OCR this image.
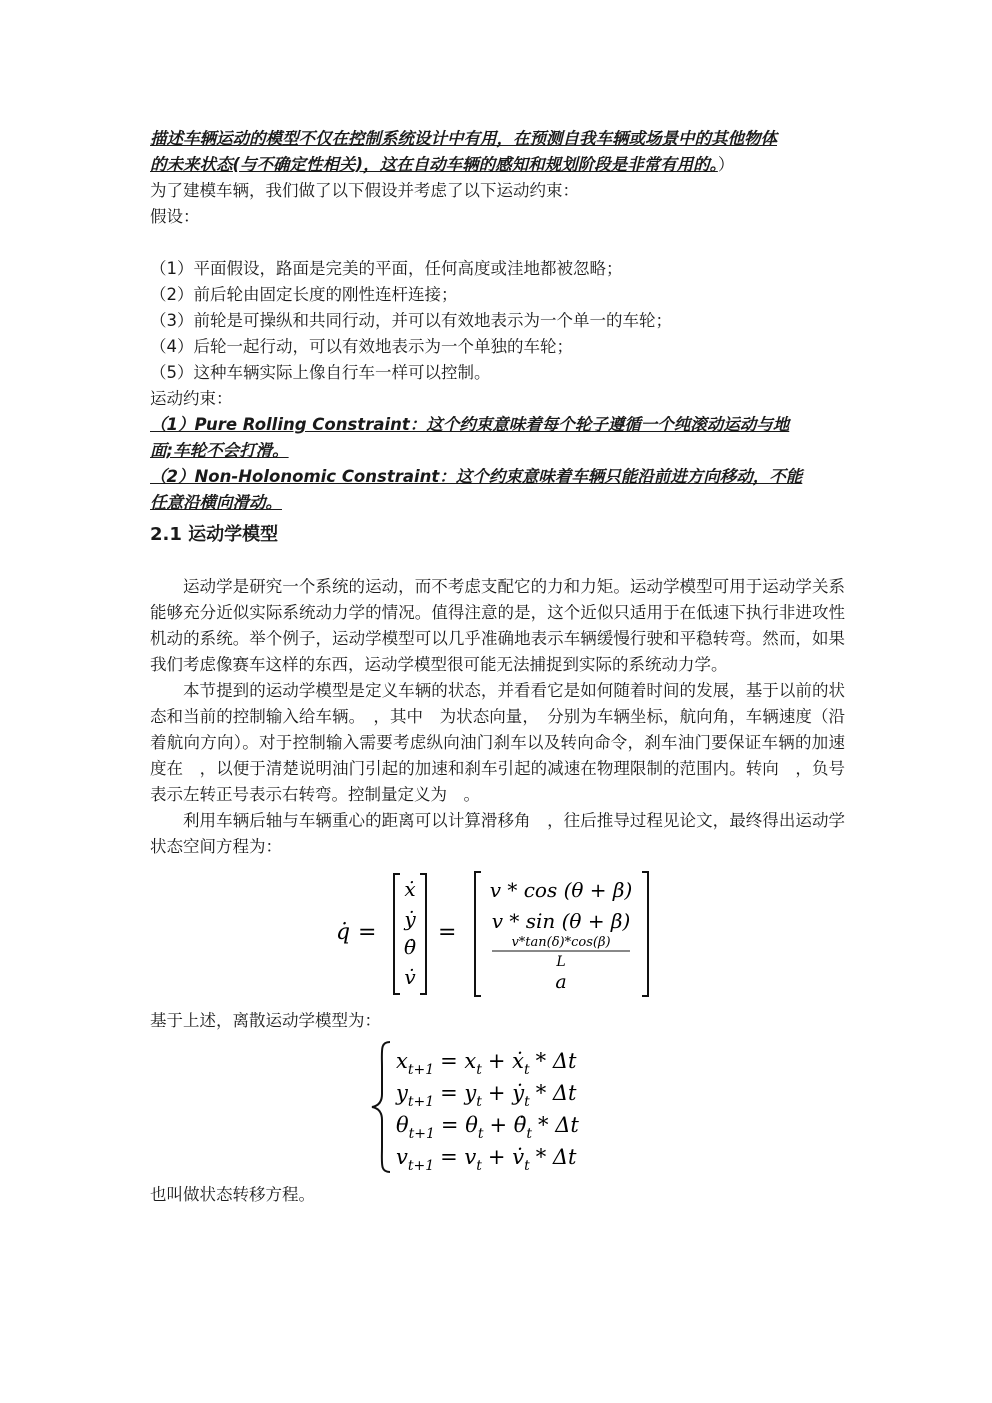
描述车辆运动的模型不仅在控制系统设计中有用，在预测自我车辆或场景中的其他物体
的未来状态(与不确定性相关)，这在自动车辆的感知和规划阶段是非常有用的。）
为了建模车辆，我们做了以下假设并考虑了以下运动约束：
假设：
（1）平面假设，路面是完美的平面，任何高度或洼地都被忽略；
（2）前后轮由固定长度的刚性连杆连接；
（3）前轮是可操纵和共同行动，并可以有效地表示为一个单一的车轮；
（4）后轮一起行动，可以有效地表示为一个单独的车轮；
（5）这种车辆实际上像自行车一样可以控制。
运动约束：
（1）Pure Rolling Constraint：这个约束意味着每个轮子遵循一个纯滚动运动与地
面;车轮不会打滑。
（2）Non-Holonomic Constraint：这个约束意味着车辆只能沿前进方向移动，不能
任意沿横向滑动。
2.1 运动学模型
运动学是研究一个系统的运动，而不考虑支配它的力和力矩。运动学模型可用于运动学关系能够充分近似实际系统动力学的情况。值得注意的是，这个近似只适用于在低速下执行非进攻性机动的系统。举个例子，运动学模型可以几乎准确地表示车辆缓慢行驶和平稳转弯。然而，如果我们考虑像赛车这样的东西，运动学模型很可能无法捕捉到实际的系统动力学。
本节提到的运动学模型是定义车辆的状态，并看看它是如何随着时间的发展，基于以前的状态和当前的控制输入给车辆。　，其中　为状态向量，　分别为车辆坐标，航向角，车辆速度（沿着航向方向）。对于控制输入需要考虑纵向油门刹车以及转向命令，刹车油门要保证车辆的加速度在　，以便于清楚说明油门引起的加速和刹车引起的减速在物理限制的范围内。转向　，负号表示左转正号表示右转弯。控制量定义为　。
利用车辆后轴与车辆重心的距离可以计算滑移角　，往后推导过程见论文，最终得出运动学状态空间方程为：
q̇ =
ẋ
ẏ
θ̇
v̇
=
v * cos (θ + β)
v * sin (θ + β)
v*tan(δ)*cos(β)
L
a
基于上述，离散运动学模型为：
$x_{t+1} = x_t$ + ẋ$_t$ * Δt
$y_{t+1} = y_t$ + ẏ$_t$ * Δt
$\theta_{t+1} = \theta_t$ + $\thetȧ_t$ * Δt
$v_{t+1} = v_t$ + $v̇_t$ * Δt
也叫做状态转移方程。
